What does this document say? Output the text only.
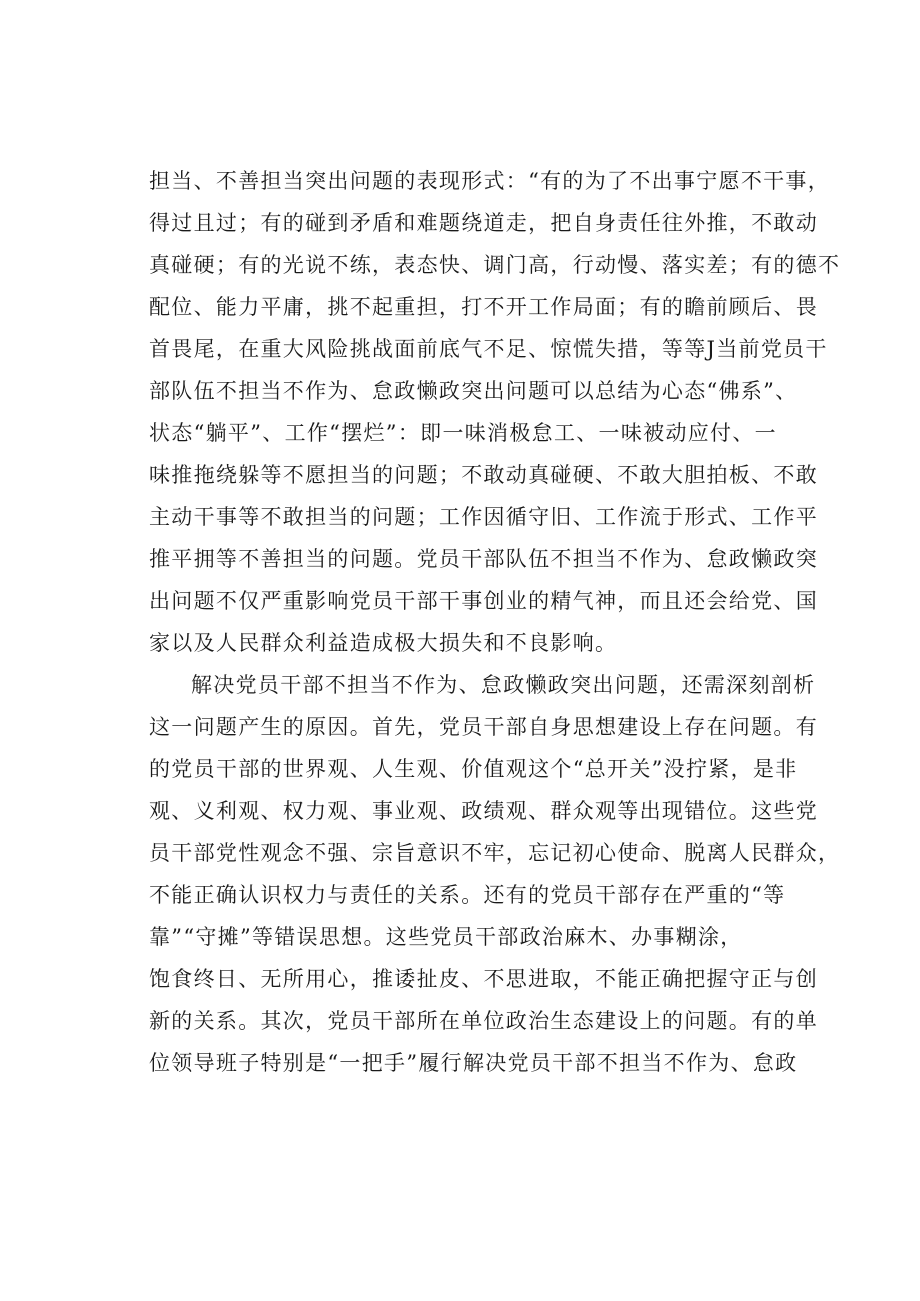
担当、不善担当突出问题的表现形式：“有的为了不出事宁愿不干事，
得过且过；有的碰到矛盾和难题绕道走，把自身责任往外推，不敢动
真碰硬；有的光说不练，表态快、调门高，行动慢、落实差；有的德不
配位、能力平庸，挑不起重担，打不开工作局面；有的瞻前顾后、畏
首畏尾，在重大风险挑战面前底气不足、惊慌失措，等等J当前党员干
部队伍不担当不作为、怠政懒政突出问题可以总结为心态“佛系”、
状态“躺平”、工作“摆烂”：即一味消极怠工、一味被动应付、一
味推拖绕躲等不愿担当的问题；不敢动真碰硬、不敢大胆拍板、不敢
主动干事等不敢担当的问题；工作因循守旧、工作流于形式、工作平
推平拥等不善担当的问题。党员干部队伍不担当不作为、怠政懒政突
出问题不仅严重影响党员干部干事创业的精气神，而且还会给党、国
家以及人民群众利益造成极大损失和不良影响。
解决党员干部不担当不作为、怠政懒政突出问题，还需深刻剖析
这一问题产生的原因。首先，党员干部自身思想建设上存在问题。有
的党员干部的世界观、人生观、价值观这个“总开关”没拧紧，是非
观、义利观、权力观、事业观、政绩观、群众观等出现错位。这些党
员干部党性观念不强、宗旨意识不牢，忘记初心使命、脱离人民群众，
不能正确认识权力与责任的关系。还有的党员干部存在严重的“等
靠”“守摊”等错误思想。这些党员干部政治麻木、办事糊涂，
饱食终日、无所用心，推诿扯皮、不思进取，不能正确把握守正与创
新的关系。其次，党员干部所在单位政治生态建设上的问题。有的单
位领导班子特别是“一把手”履行解决党员干部不担当不作为、怠政
